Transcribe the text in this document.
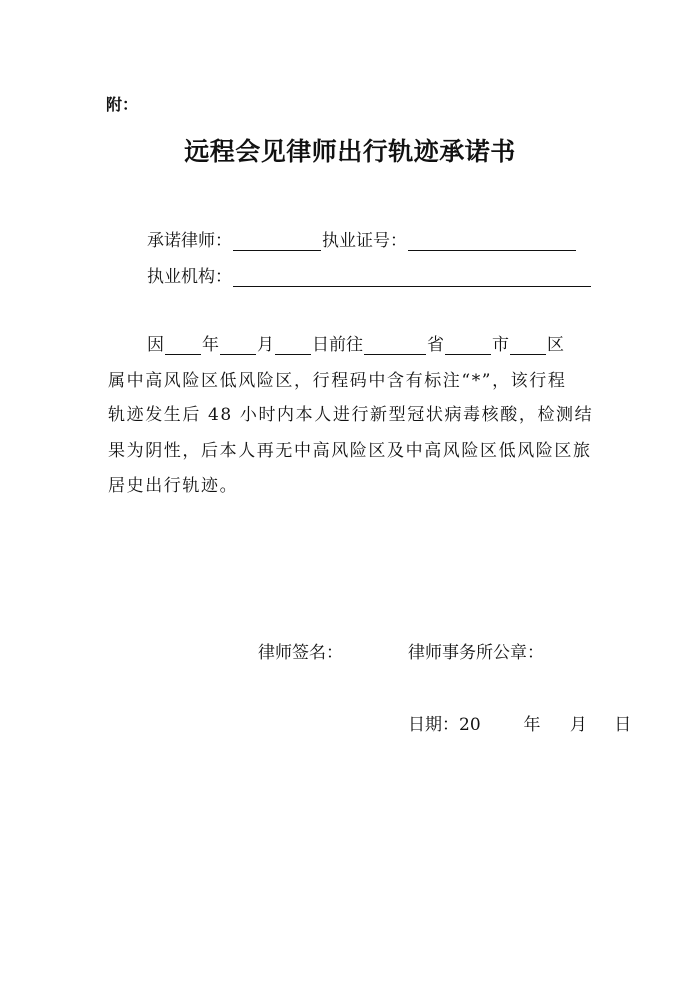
附：
远程会见律师出行轨迹承诺书
承诺律师：	执业证号：
执业机构：
因 年 月 日前往	省	市 区
属中高风险区低风险区，行程码中含有标注“*”，该行程
轨迹发生后 48 小时内本人进行新型冠状病毒核酸，检测结
果为阴性，后本人再无中高风险区及中高风险区低风险区旅
居史出行轨迹。
律师签名：	律师事务所公章：
日期：20	年 月 日
